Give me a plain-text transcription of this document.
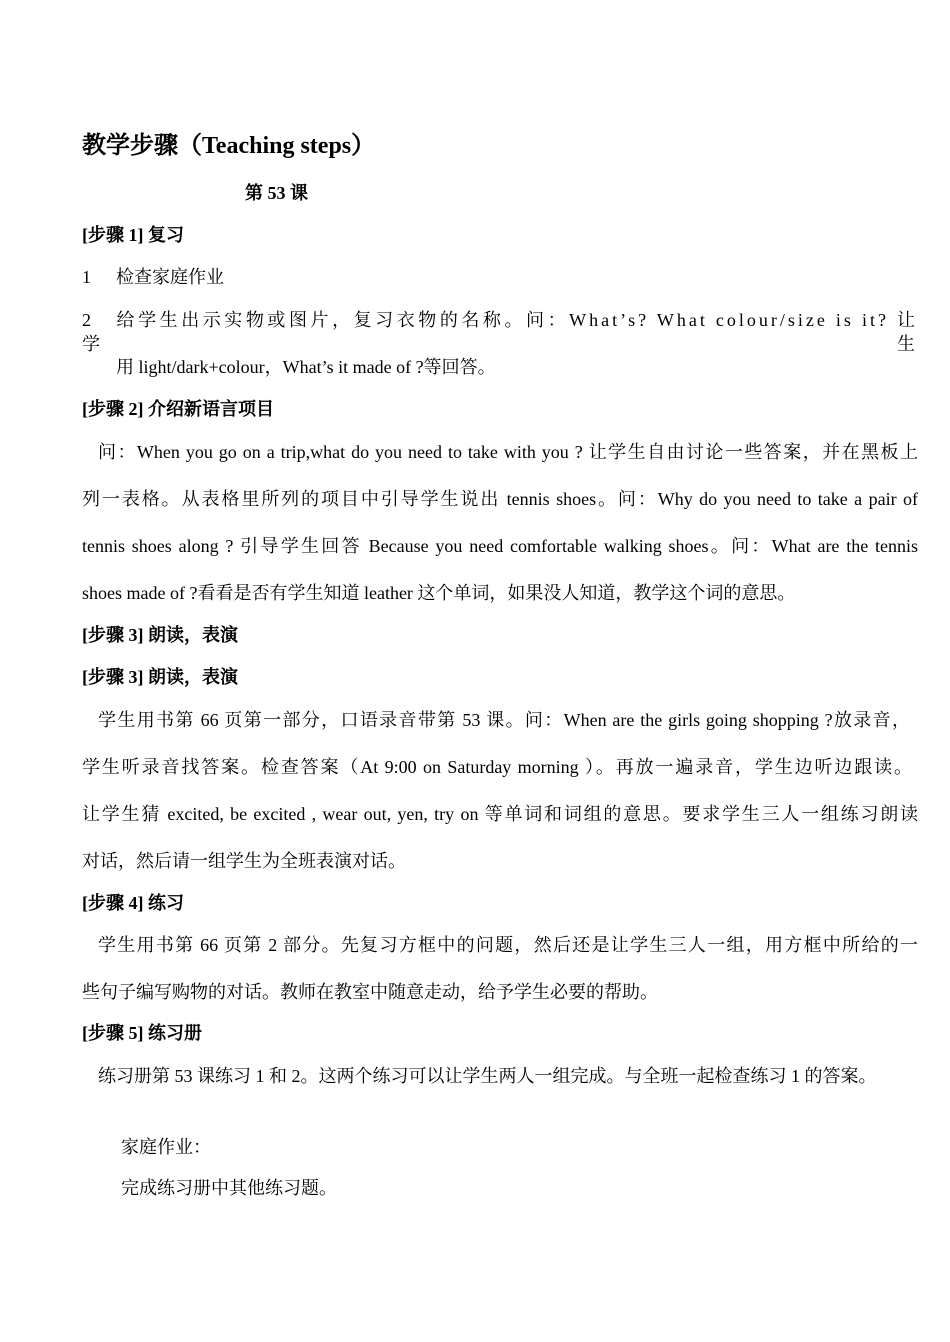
教学步骤（Teaching steps）
第 53 课
[步骤 1] 复习
1 检查家庭作业
2 给学生出示实物或图片，复习衣物的名称。问：What’s? What colour/size is it? 让学生
用 light/dark+colour，What’s it made of ?等回答。
[步骤 2] 介绍新语言项目
问：When you go on a trip,what do you need to take with you ? 让学生自由讨论一些答案，并在黑板上
列一表格。从表格里所列的项目中引导学生说出 tennis shoes。问：Why do you need to take a pair of
tennis shoes along ? 引导学生回答 Because you need comfortable walking shoes。问：What are the tennis
shoes made of ?看看是否有学生知道 leather 这个单词，如果没人知道，教学这个词的意思。
[步骤 3] 朗读，表演
[步骤 3] 朗读，表演
学生用书第 66 页第一部分，口语录音带第 53 课。问：When are the girls going shopping ?放录音，
学生听录音找答案。检查答案（At 9:00 on Saturday morning ）。再放一遍录音，学生边听边跟读。
让学生猜 excited, be excited , wear out, yen, try on 等单词和词组的意思。要求学生三人一组练习朗读
对话，然后请一组学生为全班表演对话。
[步骤 4] 练习
学生用书第 66 页第 2 部分。先复习方框中的问题，然后还是让学生三人一组，用方框中所给的一
些句子编写购物的对话。教师在教室中随意走动，给予学生必要的帮助。
[步骤 5] 练习册
练习册第 53 课练习 1 和 2。这两个练习可以让学生两人一组完成。与全班一起检查练习 1 的答案。
家庭作业：
完成练习册中其他练习题。
